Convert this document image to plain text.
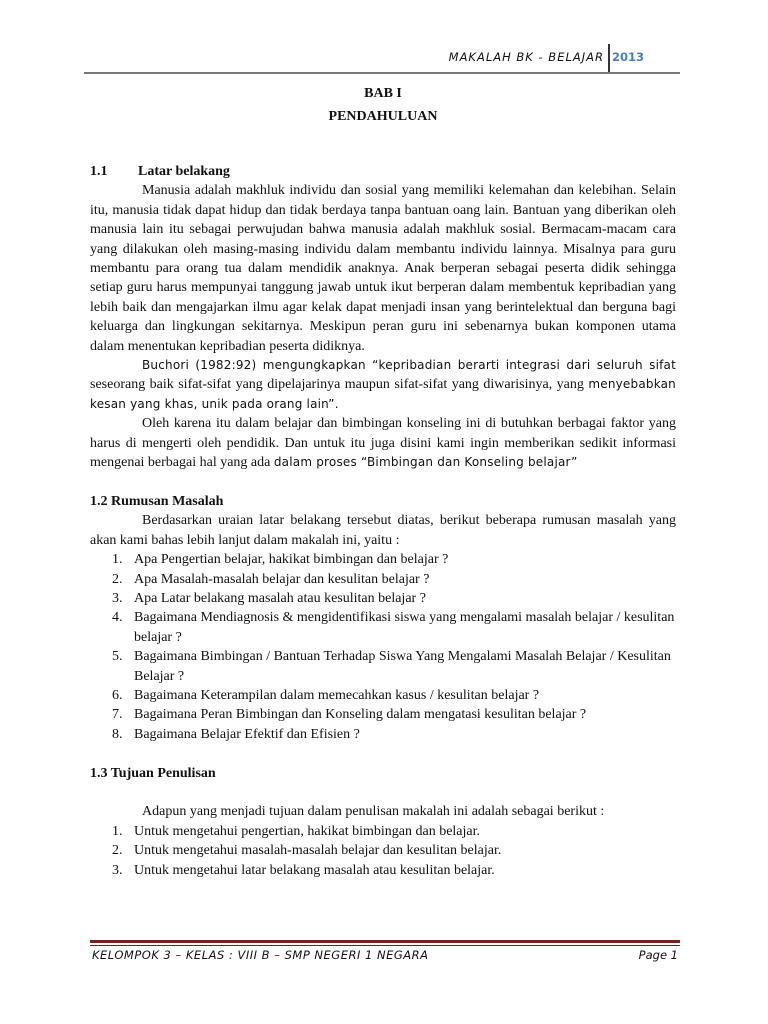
MAKALAH BK - BELAJAR 2013
BAB I
PENDAHULUAN

1.1 Latar belakang

Manusia adalah makhluk individu dan sosial yang memiliki kelemahan dan kelebihan. Selain itu, manusia tidak dapat hidup dan tidak berdaya tanpa bantuan oang lain. Bantuan yang diberikan oleh manusia lain itu sebagai perwujudan bahwa manusia adalah makhluk sosial. Bermacam-macam cara yang dilakukan oleh masing-masing individu dalam membantu individu lainnya. Misalnya para guru membantu para orang tua dalam mendidik anaknya. Anak berperan sebagai peserta didik sehingga setiap guru harus mempunyai tanggung jawab untuk ikut berperan dalam membentuk kepribadian yang lebih baik dan mengajarkan ilmu agar kelak dapat menjadi insan yang berintelektual dan berguna bagi keluarga dan lingkungan sekitarnya. Meskipun peran guru ini sebenarnya bukan komponen utama dalam menentukan kepribadian peserta didiknya.

Buchori (1982:92) mengungkapkan “kepribadian berarti integrasi dari seluruh sifat seseorang baik sifat-sifat yang dipelajarinya maupun sifat-sifat yang diwarisinya, yang menyebabkan kesan yang khas, unik pada orang lain”.

Oleh karena itu dalam belajar dan bimbingan konseling ini di butuhkan berbagai faktor yang harus di mengerti oleh pendidik. Dan untuk itu juga disini kami ingin memberikan sedikit informasi mengenai berbagai hal yang ada dalam proses “Bimbingan dan Konseling belajar”

1.2 Rumusan Masalah

Berdasarkan uraian latar belakang tersebut diatas, berikut beberapa rumusan masalah yang akan kami bahas lebih lanjut dalam makalah ini, yaitu :

1. Apa Pengertian belajar, hakikat bimbingan dan belajar ?
2. Apa Masalah-masalah belajar dan kesulitan belajar ?
3. Apa Latar belakang masalah atau kesulitan belajar ?
4. Bagaimana Mendiagnosis & mengidentifikasi siswa yang mengalami masalah belajar / kesulitan belajar ?
5. Bagaimana Bimbingan / Bantuan Terhadap Siswa Yang Mengalami Masalah Belajar / Kesulitan Belajar ?
6. Bagaimana Keterampilan dalam memecahkan kasus / kesulitan belajar ?
7. Bagaimana Peran Bimbingan dan Konseling dalam mengatasi kesulitan belajar ?
8. Bagaimana Belajar Efektif dan Efisien ?

1.3 Tujuan Penulisan

Adapun yang menjadi tujuan dalam penulisan makalah ini adalah sebagai berikut :

1. Untuk mengetahui pengertian, hakikat bimbingan dan belajar.
2. Untuk mengetahui masalah-masalah belajar dan kesulitan belajar.
3. Untuk mengetahui latar belakang masalah atau kesulitan belajar.
KELOMPOK 3 – KELAS : VIII B – SMP NEGERI 1 NEGARA	Page 1
